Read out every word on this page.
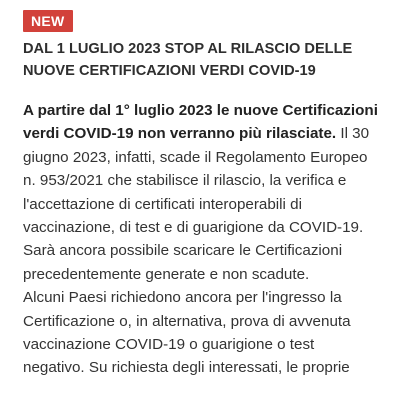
NEW
DAL 1 LUGLIO 2023 STOP AL RILASCIO DELLE
NUOVE CERTIFICAZIONI VERDI COVID-19
A partire dal 1° luglio 2023 le nuove Certificazioni
verdi COVID-19 non verranno più rilasciate. Il 30
giugno 2023, infatti, scade il Regolamento Europeo
n. 953/2021 che stabilisce il rilascio, la verifica e
l'accettazione di certificati interoperabili di
vaccinazione, di test e di guarigione da COVID-19.
Sarà ancora possibile scaricare le Certificazioni
precedentemente generate e non scadute.
Alcuni Paesi richiedono ancora per l'ingresso la
Certificazione o, in alternativa, prova di avvenuta
vaccinazione COVID-19 o guarigione o test
negativo. Su richiesta degli interessati, le proprie
